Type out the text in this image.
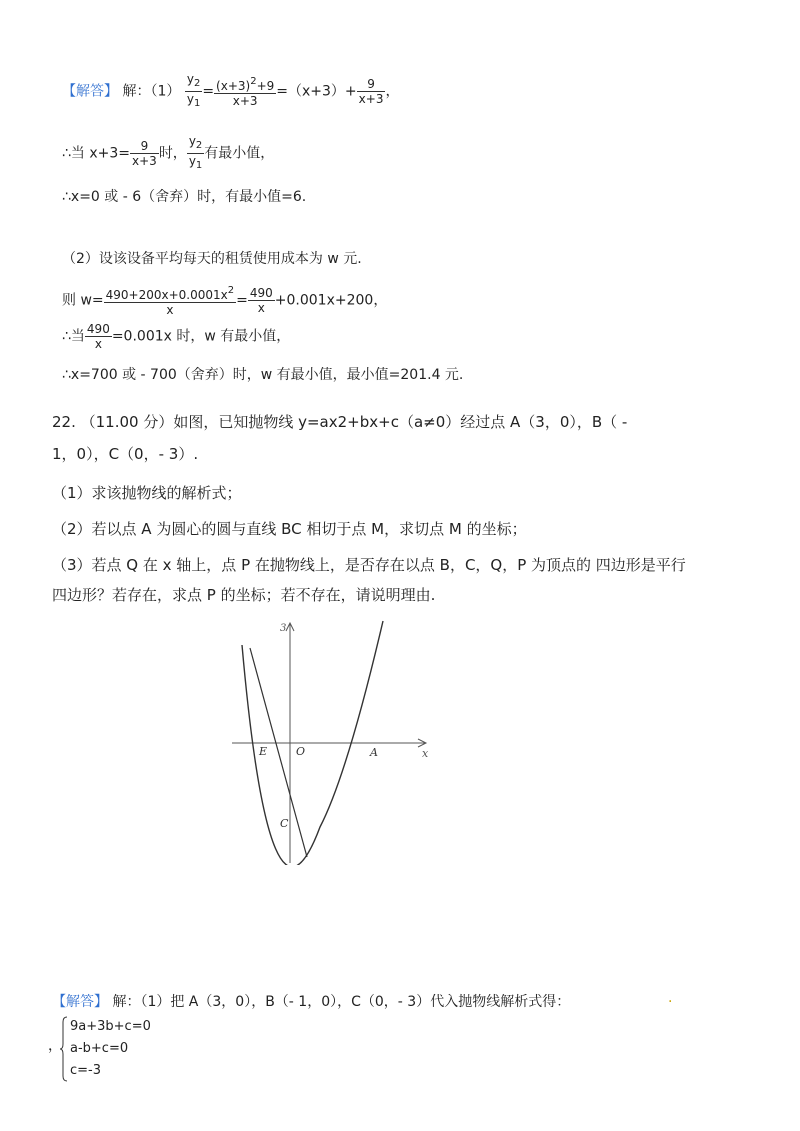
【解答】 解：$(1) \frac{y_2}{y_1} = \frac{(x+3)^2+9}{x+3} =(x+3)+ \frac{9}{x+3}$ ，
∴当 $x+3= \frac{9}{x+3}$ 时， $\frac{y_2}{y_1}$ 有最小值，
∴x=0 或 - 6（舍弃）时，有最小值=6.
（2）设该设备平均每天的租赁使用成本为 w 元.
则 $w= \frac{490+200x+0.0001x^2}{x} = \frac{490}{x} +0.001x+200$，
∴当 $\frac{490}{x} =0.001x$ 时，w 有最小值，
∴x=700 或 - 700（舍弃）时，w 有最小值，最小值=201.4 元.
22. （11.00 分）如图，已知抛物线 y=ax2+bx+c（a≠0）经过点 A（3，0），B（ -
1，0），C（0，- 3）.
（1）求该抛物线的解析式；
（2）若以点 A 为圆心的圆与直线 BC 相切于点 M，求切点 M 的坐标；
（3）若点 Q 在 x 轴上，点 P 在抛物线上，是否存在以点 B，C，Q，P 为顶点的 四边形是平行
四边形？若存在，求点 P 的坐标；若不存在，请说明理由.
3
x
O
E	A
C
【解答】 解：（1）把 A（3，0），B（- 1，0），C（0，- 3）代入抛物线解析式得：	·
，
9a+3b+c=0
a-b+c=0
c=-3
